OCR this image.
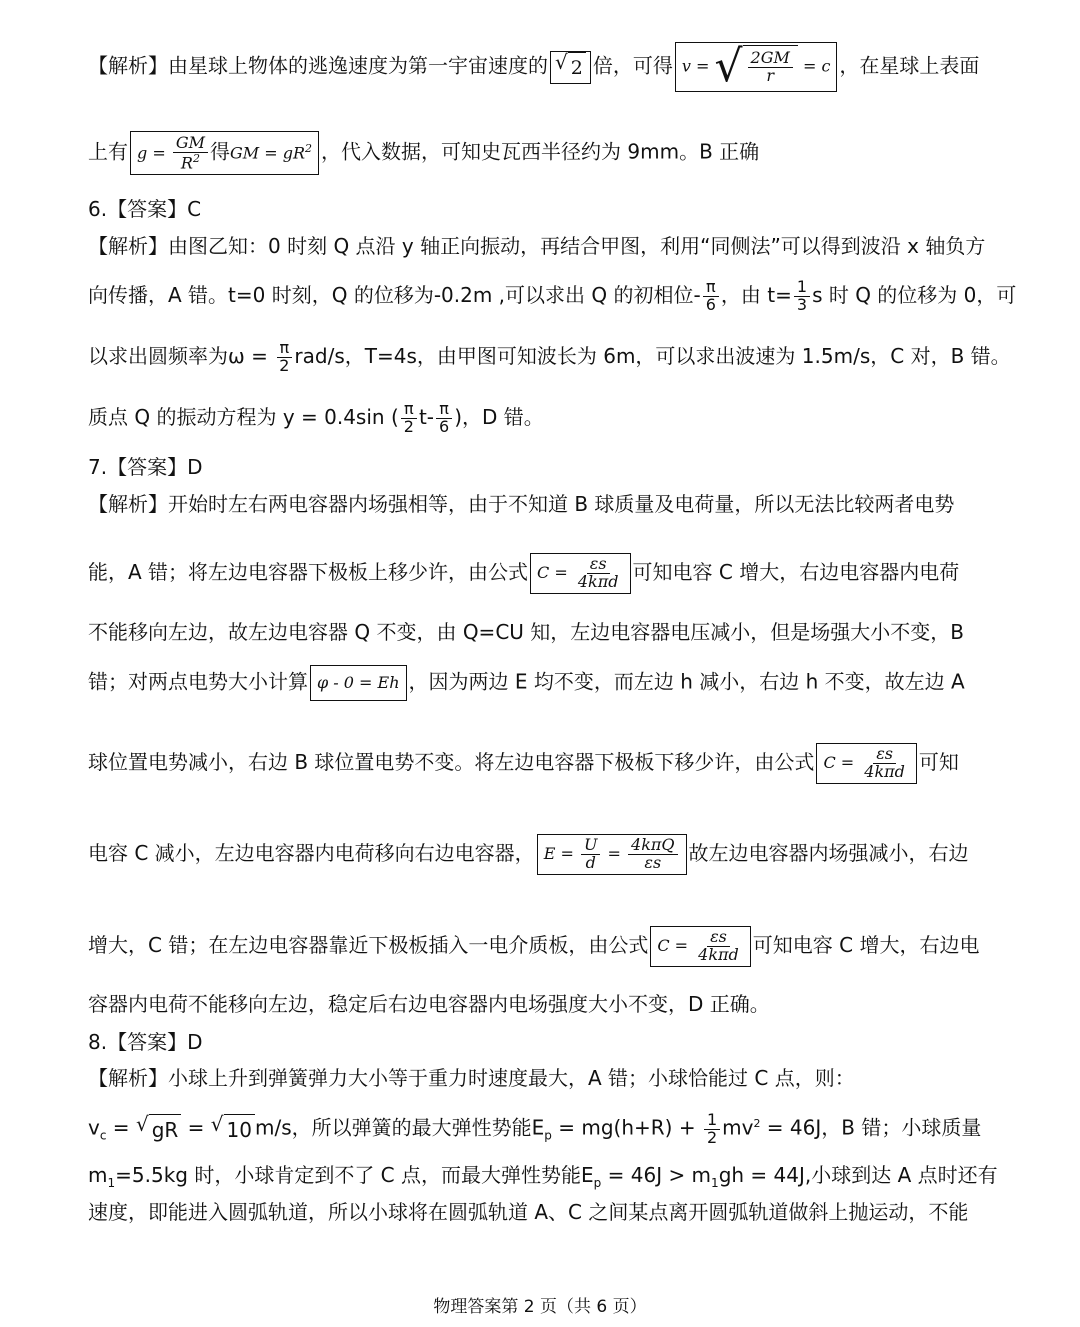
【解析】由星球上物体的逃逸速度为第一宇宙速度的 √ 2 倍，可得 v = √ $\frac{2GM}{r} = c$ ，在星球上表面
上有 $g = \frac{GM}{R^2}$ 得GM = $gR^2$ ，代入数据，可知史瓦西半径约为 9mm。B 正确
6.【答案】C
【解析】由图乙知：0 时刻 Q 点沿 y 轴正向振动，再结合甲图，利用“同侧法”可以得到波沿 x 轴负方
向传播，A 错。t=0 时刻，Q 的位移为-0.2m ,可以求出 Q 的初相位- $\frac{\pi}{6}$ ，由 $t= \frac{1}{3}$ s 时 Q 的位移为 0，可
以求出圆频率为$\omega = \frac{\pi}{2} rad/s$，T=4s，由甲图可知波长为 6m，可以求出波速为 1.5m/s，C 对，B 错。
质点 Q 的振动方程为 y = 0.4sin ( $\frac{\pi}{2} t- \frac{\pi}{6}$ )，D 错。
7.【答案】D
【解析】开始时左右两电容器内场强相等，由于不知道 B 球质量及电荷量，所以无法比较两者电势
能，A 错；将左边电容器下极板上移少许，由公式 $C = \frac{\varepsilon s}{\text{4kπd}}$ 可知电容 C 增大，右边电容器内电荷
不能移向左边，故左边电容器 Q 不变，由 Q=CU 知，左边电容器电压减小，但是场强大小不变，B
错；对两点电势大小计算 φ - 0 = Eh ，因为两边 E 均不变，而左边 h 减小，右边 h 不变，故左边 A
球位置电势减小，右边 B 球位置电势不变。将左边电容器下极板下移少许，由公式 $C = \frac{\varepsilon s}{\text{4kπd}}$ 可知
电容 C 减小，左边电容器内电荷移向右边电容器， $E = \frac{U}{d} = \frac{\text{4kπQ}}{\varepsilon s}$ 故左边电容器内场强减小，右边
增大，C 错；在左边电容器靠近下极板插入一电介质板，由公式 $C = \frac{\varepsilon s}{\text{4kπd}}$ 可知电容 C 增大，右边电
容器内电荷不能移向左边，稳定后右边电容器内电场强度大小不变，D 正确。
8.【答案】D
【解析】小球上升到弹簧弹力大小等于重力时速度最大，A 错；小球恰能过 C 点，则：
$v_c$ = √ gR = √ 10 m/s，所以弹簧的最大弹性势能$E_p = mg(h+R) + \frac{1}{2} mv^2 = 46J$，B 错；小球质量
$m_1=5.5kg$ 时，小球肯定到不了 C 点，而最大弹性势能$E_p = 46J > m_1gh = 44J$,小球到达 A 点时还有
速度，即能进入圆弧轨道，所以小球将在圆弧轨道 A、C 之间某点离开圆弧轨道做斜上抛运动，不能
物理答案第 2 页（共 6 页）
